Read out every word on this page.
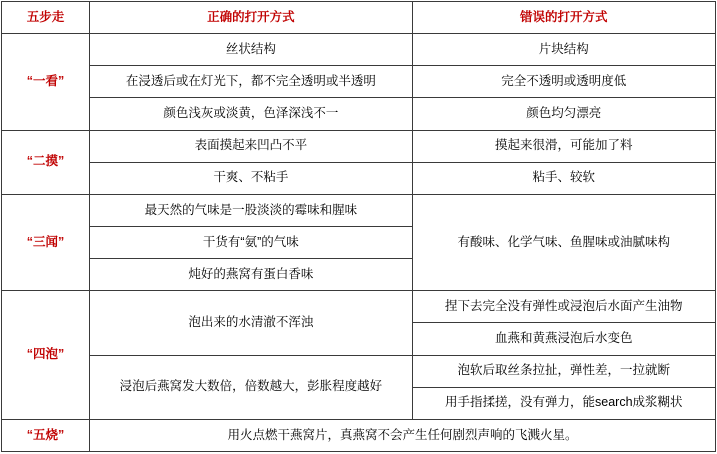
五步走	正确的打开方式	错误的打开方式
“一看”	丝状结构	片块结构
	在浸透后或在灯光下，都不完全透明或半透明	完全不透明或透明度低
	颜色浅灰或淡黄，色泽深浅不一	颜色均匀漂亮
“二摸”	表面摸起来凹凸不平	摸起来很滑，可能加了料
	干爽、不粘手	粘手、较软
“三闻”	最天然的气味是一股淡淡的霉味和腥味	有酸味、化学气味、鱼腥味或油腻味构
	干货有“氨”的气味	
	炖好的燕窝有蛋白香味	
“四泡”	泡出来的水清澈不浑浊	捏下去完全没有弹性或浸泡后水面产生油物
		血燕和黄燕浸泡后水变色
	浸泡后燕窝发大数倍，倍数越大，彭胀程度越好	泡软后取丝条拉扯，弹性差，一拉就断
		用手指揉搓，没有弹力，能search成浆糊状
“五烧”	用火点燃干燕窝片，真燕窝不会产生任何剧烈声响的飞溅火星。	
